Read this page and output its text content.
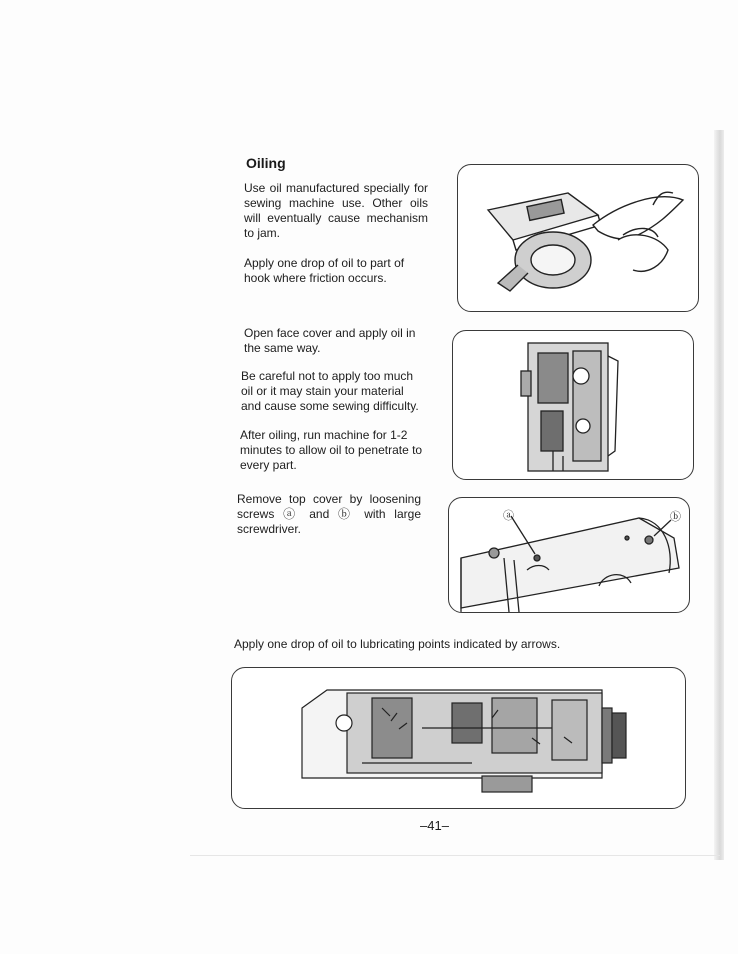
Oiling

Use oil manufactured specially for sewing machine use. Other oils will eventually cause mechanism to jam.

Apply one drop of oil to part of hook where friction occurs.

Open face cover and apply oil in the same way.

Be careful not to apply too much oil or it may stain your material and cause some sewing difficulty.

After oiling, run machine for 1-2 minutes to allow oil to penetrate to every part.

Remove top cover by loosening screws ⓐ and ⓑ with large screwdriver.

Apply one drop of oil to lubricating points indicated by arrows.

ⓐ	ⓑ
–41–
